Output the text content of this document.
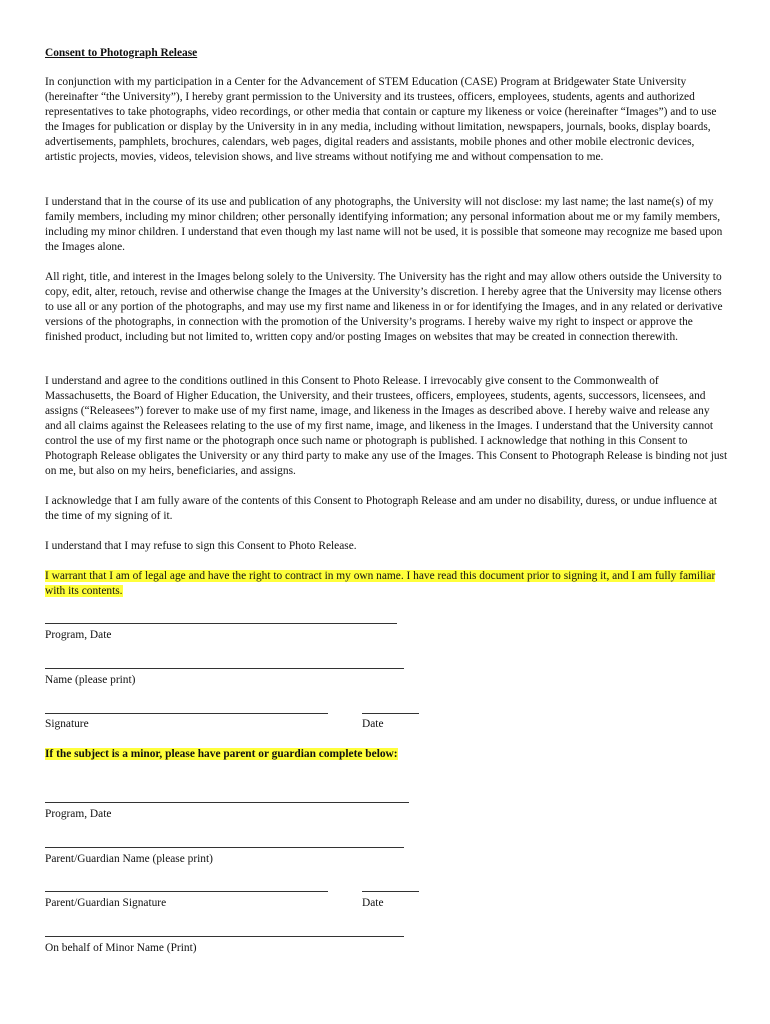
Consent to Photograph Release

In conjunction with my participation in a Center for the Advancement of STEM Education (CASE) Program at Bridgewater State University (hereinafter “the University”), I hereby grant permission to the University and its trustees, officers, employees, students, agents and authorized representatives to take photographs, video recordings, or other media that contain or capture my likeness or voice (hereinafter “Images”) and to use the Images for publication or display by the University in in any media, including without limitation, newspapers, journals, books, display boards, advertisements, pamphlets, brochures, calendars, web pages, digital readers and assistants, mobile phones and other mobile electronic devices, artistic projects, movies, videos, television shows, and live streams without notifying me and without compensation to me.

I understand that in the course of its use and publication of any photographs, the University will not disclose: my last name; the last name(s) of my family members, including my minor children; other personally identifying information; any personal information about me or my family members, including my minor children. I understand that even though my last name will not be used, it is possible that someone may recognize me based upon the Images alone.

All right, title, and interest in the Images belong solely to the University. The University has the right and may allow others outside the University to copy, edit, alter, retouch, revise and otherwise change the Images at the University’s discretion. I hereby agree that the University may license others to use all or any portion of the photographs, and may use my first name and likeness in or for identifying the Images, and in any related or derivative versions of the photographs, in connection with the promotion of the University’s programs. I hereby waive my right to inspect or approve the finished product, including but not limited to, written copy and/or posting Images on websites that may be created in connection therewith.

I understand and agree to the conditions outlined in this Consent to Photo Release. I irrevocably give consent to the Commonwealth of Massachusetts, the Board of Higher Education, the University, and their trustees, officers, employees, students, agents, successors, licensees, and assigns (“Releasees”) forever to make use of my first name, image, and likeness in the Images as described above. I hereby waive and release any and all claims against the Releasees relating to the use of my first name, image, and likeness in the Images. I understand that the University cannot control the use of my first name or the photograph once such name or photograph is published. I acknowledge that nothing in this Consent to Photograph Release obligates the University or any third party to make any use of the Images. This Consent to Photograph Release is binding not just on me, but also on my heirs, beneficiaries, and assigns.

I acknowledge that I am fully aware of the contents of this Consent to Photograph Release and am under no disability, duress, or undue influence at the time of my signing of it.

I understand that I may refuse to sign this Consent to Photo Release.

I warrant that I am of legal age and have the right to contract in my own name. I have read this document prior to signing it, and I am fully familiar with its contents.

Program, Date
Name (please print)
Signature	Date

If the subject is a minor, please have parent or guardian complete below:

Program, Date
Parent/Guardian Name (please print)
Parent/Guardian Signature	Date
On behalf of Minor Name (Print)
